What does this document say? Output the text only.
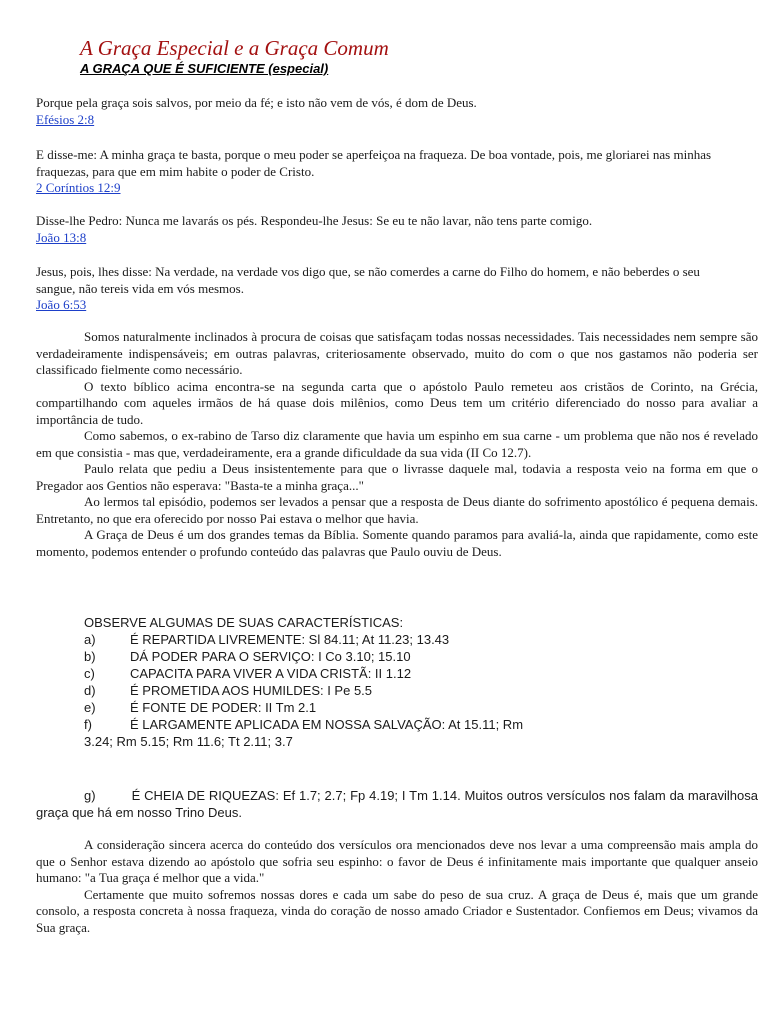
A Graça Especial e a Graça Comum
A GRAÇA QUE É SUFICIENTE (especial)

Porque pela graça sois salvos, por meio da fé; e isto não vem de vós, é dom de Deus.

Efésios 2:8

E disse-me: A minha graça te basta, porque o meu poder se aperfeiçoa na fraqueza. De boa vontade, pois, me gloriarei nas minhas fraquezas, para que em mim habite o poder de Cristo.

2 Coríntios 12:9

Disse-lhe Pedro: Nunca me lavarás os pés. Respondeu-lhe Jesus: Se eu te não lavar, não tens parte comigo.

João 13:8

Jesus, pois, lhes disse: Na verdade, na verdade vos digo que, se não comerdes a carne do Filho do homem, e não beberdes o seu sangue, não tereis vida em vós mesmos.

João 6:53

Somos naturalmente inclinados à procura de coisas que satisfaçam todas nossas necessidades. Tais necessidades nem sempre são verdadeiramente indispensáveis; em outras palavras, criteriosamente observado, muito do com o que nos gastamos não poderia ser classificado fielmente como necessário.

O texto bíblico acima encontra-se na segunda carta que o apóstolo Paulo remeteu aos cristãos de Corinto, na Grécia, compartilhando com aqueles irmãos de há quase dois milênios, como Deus tem um critério diferenciado do nosso para avaliar a importância de tudo.

Como sabemos, o ex-rabino de Tarso diz claramente que havia um espinho em sua carne - um problema que não nos é revelado em que consistia - mas que, verdadeiramente, era a grande dificuldade da sua vida (II Co 12.7).

Paulo relata que pediu a Deus insistentemente para que o livrasse daquele mal, todavia a resposta veio na forma em que o Pregador aos Gentios não esperava: "Basta-te a minha graça..."

Ao lermos tal episódio, podemos ser levados a pensar que a resposta de Deus diante do sofrimento apostólico é pequena demais. Entretanto, no que era oferecido por nosso Pai estava o melhor que havia.

A Graça de Deus é um dos grandes temas da Bíblia. Somente quando paramos para avaliá-la, ainda que rapidamente, como este momento, podemos entender o profundo conteúdo das palavras que Paulo ouviu de Deus.

OBSERVE ALGUMAS DE SUAS CARACTERÍSTICAS:

a)	É REPARTIDA LIVREMENTE: Sl 84.11; At 11.23; 13.43
b)	DÁ PODER PARA O SERVIÇO: I Co 3.10; 15.10
c)	CAPACITA PARA VIVER A VIDA CRISTÃ: II 1.12
d)	É PROMETIDA AOS HUMILDES: I Pe 5.5
e)	É FONTE DE PODER: II Tm 2.1
f)	É LARGAMENTE APLICADA EM NOSSA SALVAÇÃO: At 15.11; Rm

3.24; Rm 5.15; Rm 11.6; Tt 2.11; 3.7

g)	É CHEIA DE RIQUEZAS: Ef 1.7; 2.7; Fp 4.19; I Tm 1.14. Muitos outros versículos nos falam da maravilhosa graça que há em nosso Trino Deus.

A consideração sincera acerca do conteúdo dos versículos ora mencionados deve nos levar a uma compreensão mais ampla do que o Senhor estava dizendo ao apóstolo que sofria seu espinho: o favor de Deus é infinitamente mais importante que qualquer anseio humano: "a Tua graça é melhor que a vida."

Certamente que muito sofremos nossas dores e cada um sabe do peso de sua cruz. A graça de Deus é, mais que um grande consolo, a resposta concreta à nossa fraqueza, vinda do coração de nosso amado Criador e Sustentador. Confiemos em Deus; vivamos da Sua graça.
